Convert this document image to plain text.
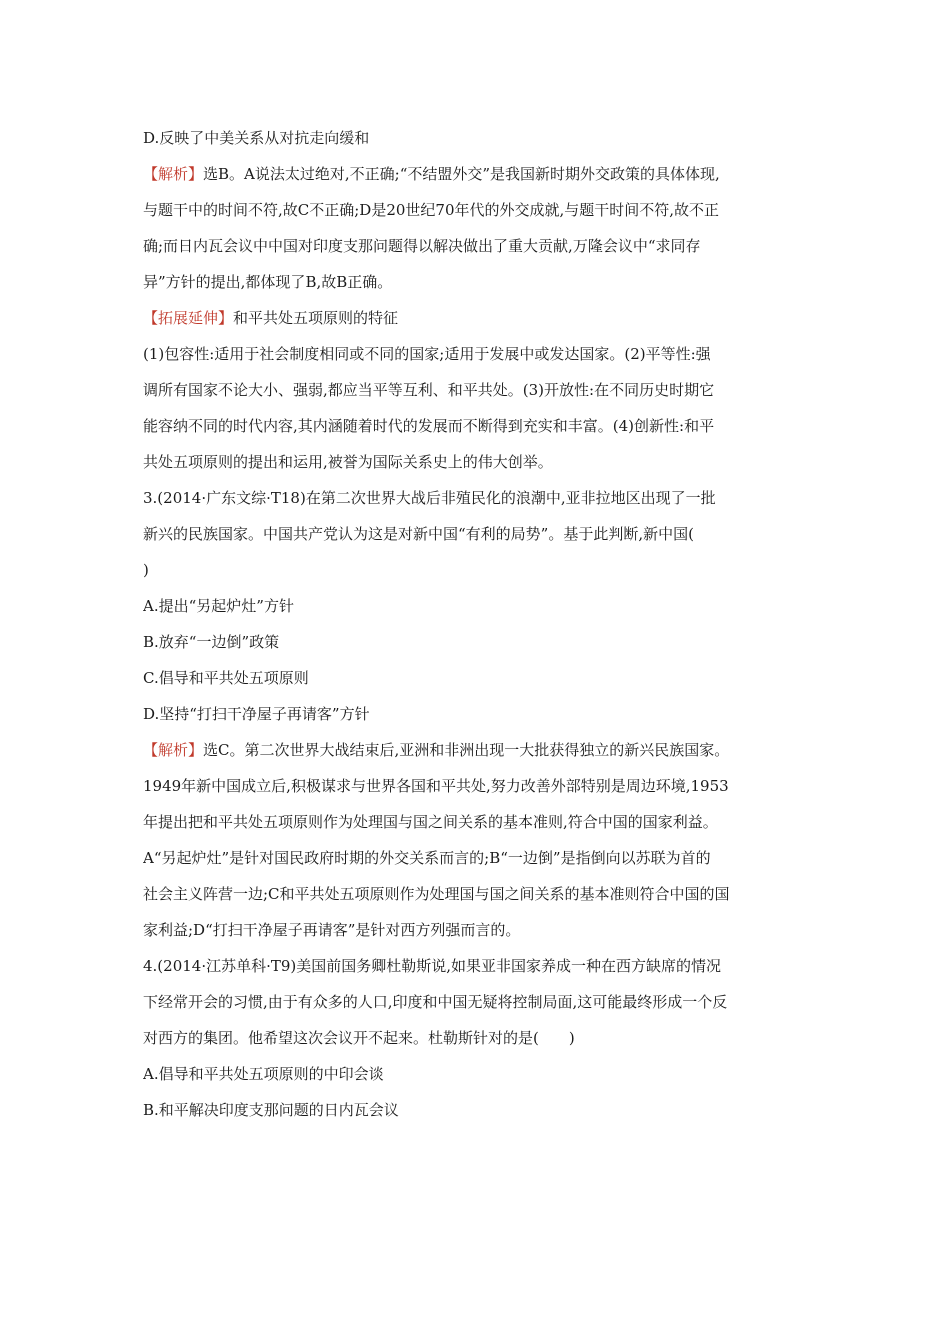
D.反映了中美关系从对抗走向缓和
【解析】选B。A说法太过绝对,不正确;“不结盟外交”是我国新时期外交政策的具体体现,
与题干中的时间不符,故C不正确;D是20世纪70年代的外交成就,与题干时间不符,故不正
确;而日内瓦会议中中国对印度支那问题得以解决做出了重大贡献,万隆会议中“求同存
异”方针的提出,都体现了B,故B正确。
【拓展延伸】和平共处五项原则的特征
(1)包容性:适用于社会制度相同或不同的国家;适用于发展中或发达国家。(2)平等性:强
调所有国家不论大小、强弱,都应当平等互利、和平共处。(3)开放性:在不同历史时期它
能容纳不同的时代内容,其内涵随着时代的发展而不断得到充实和丰富。(4)创新性:和平
共处五项原则的提出和运用,被誉为国际关系史上的伟大创举。
3.(2014·广东文综·T18)在第二次世界大战后非殖民化的浪潮中,亚非拉地区出现了一批
新兴的民族国家。中国共产党认为这是对新中国“有利的局势”。基于此判断,新中国(
)
A.提出“另起炉灶”方针
B.放弃“一边倒”政策
C.倡导和平共处五项原则
D.坚持“打扫干净屋子再请客”方针
【解析】选C。第二次世界大战结束后,亚洲和非洲出现一大批获得独立的新兴民族国家。
1949年新中国成立后,积极谋求与世界各国和平共处,努力改善外部特别是周边环境,1953
年提出把和平共处五项原则作为处理国与国之间关系的基本准则,符合中国的国家利益。
A“另起炉灶”是针对国民政府时期的外交关系而言的;B“一边倒”是指倒向以苏联为首的
社会主义阵营一边;C和平共处五项原则作为处理国与国之间关系的基本准则符合中国的国
家利益;D“打扫干净屋子再请客”是针对西方列强而言的。
4.(2014·江苏单科·T9)美国前国务卿杜勒斯说,如果亚非国家养成一种在西方缺席的情况
下经常开会的习惯,由于有众多的人口,印度和中国无疑将控制局面,这可能最终形成一个反
对西方的集团。他希望这次会议开不起来。杜勒斯针对的是(　　)
A.倡导和平共处五项原则的中印会谈
B.和平解决印度支那问题的日内瓦会议
